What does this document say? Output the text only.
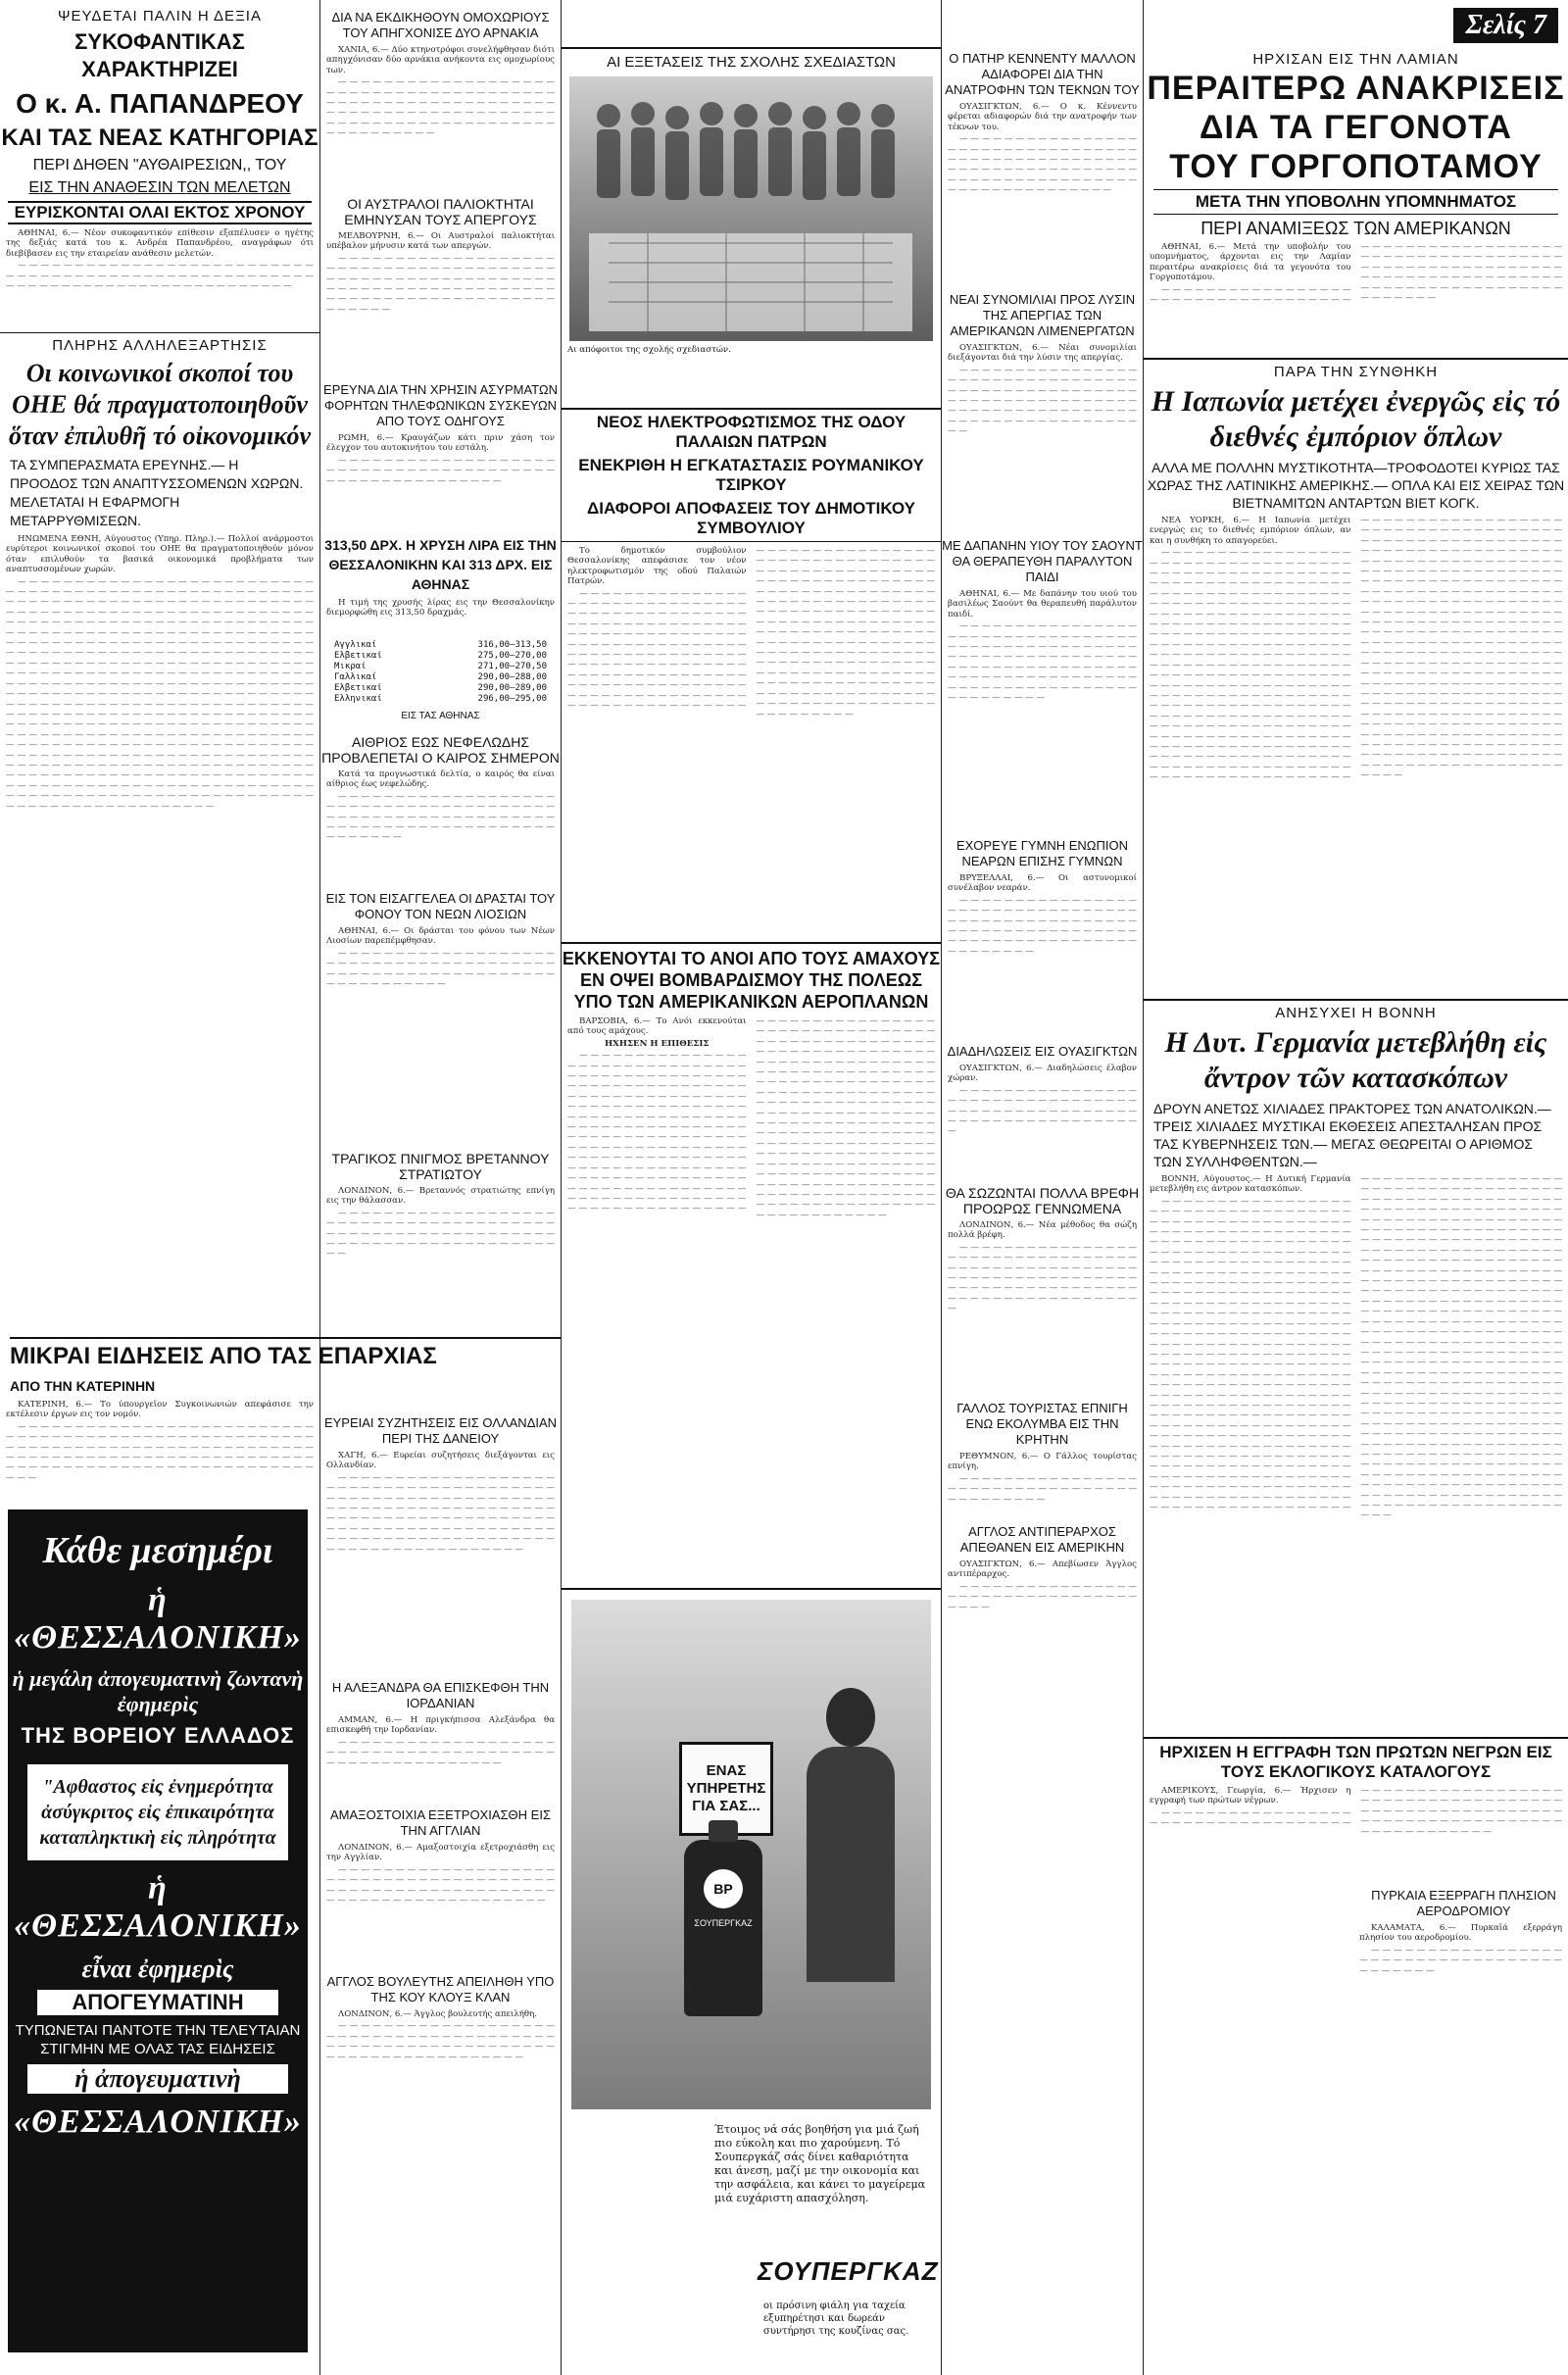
ΨΕΥΔΕΤΑΙ ΠΑΛΙΝ Η ΔΕΞΙΑ
ΣΥΚΟΦΑΝΤΙΚΑΣ ΧΑΡΑΚΤΗΡΙΖΕΙ
Ο κ. Α. ΠΑΠΑΝΔΡΕΟΥ
ΚΑΙ ΤΑΣ ΝΕΑΣ ΚΑΤΗΓΟΡΙΑΣ
ΠΕΡΙ ΔΗΘΕΝ "ΑΥΘΑΙΡΕΣΙΩΝ,, ΤΟΥ
ΕΙΣ ΤΗΝ ΑΝΑΘΕΣΙΝ ΤΩΝ ΜΕΛΕΤΩΝ
ΕΥΡΙΣΚΟΝΤΑΙ ΟΛΑΙ ΕΚΤΟΣ ΧΡΟΝΟΥ

ΑΘΗΝΑΙ, 6.— Νέον συκοφαντικόν επίθεσιν εξαπέλυσεν ο ηγέτης της δεξιάς κατά του κ. Ανδρέα Παπανδρέου, αναγράφων ότι διεβίβασεν εις την εταιρείαν ανάθεσιν μελετών.

— — — — — — — — — — — — — — — — — — — — — — — — — — — — — — — — — — — — — — — — — — — — — — — — — — — — — — — — — — — — — — — — — — — — — — — — — — — — — — —

ΠΛΗΡΗΣ ΑΛΛΗΛΕΞΑΡΤΗΣΙΣ
Οι κοινωνικοί σκοποί του ΟΗΕ θά πραγματοποιηθοῦν ὅταν ἐπιλυθῆ τό οἰκονομικόν
ΤΑ ΣΥΜΠΕΡΑΣΜΑΤΑ ΕΡΕΥΝΗΣ.— Η ΠΡΟΟΔΟΣ ΤΩΝ ΑΝΑΠΤΥΣΣΟΜΕΝΩΝ ΧΩΡΩΝ. ΜΕΛΕΤΑΤΑΙ Η ΕΦΑΡΜΟΓΗ ΜΕΤΑΡΡΥΘΜΙΣΕΩΝ.

ΗΝΩΜΕΝΑ ΕΘΝΗ, Αύγουστος (Υπηρ. Πληρ.).— Πολλοί ανάρμοστοι ευρύτεροι κοινωνικοί σκοποί του ΟΗΕ θα πραγματοποιηθούν μόνον όταν επιλυθούν τα βασικά οικονομικά προβλήματα των αναπτυσσομένων χωρών.

— — — — — — — — — — — — — — — — — — — — — — — — — — — — — — — — — — — — — — — — — — — — — — — — — — — — — — — — — — — — — — — — — — — — — — — — — — — — — — — — — — — — — — — — — — — — — — — — — — — — — — — — — — — — — — — — — — — — — — — — — — — — — — — — — — — — — — — — — — — — — — — — — — — — — — — — — — — — — — — — — — — — — — — — — — — — — — — — — — — — — — — — — — — — — — — — — — — — — — — — — — — — — — — — — — — — — — — — — — — — — — — — — — — — — — — — — — — — — — — — — — — — — — — — — — — — — — — — — — — — — — — — — — — — — — — — — — — — — — — — — — — — — — — — — — — — — — — — — — — — — — — — — — — — — — — — — — — — — — — — — — — — — — — — — — — — — — — — — — — — — — — — — — — — — — — — — — — — — — — — — — — — — — — — — — — — — — — — — — — — — — — — — — — — — — — — — — — — — — — — — — — — — — — — — — — — — — — — — — — — — — — — — — — — — — — — — — — — — — — — — — — — — — — — — — — — — — — — — — — — — — — — — — — — — — — — — — — — — — — — — — — — — — — — — — — — — — — — — — — — — — — — — — — — — — — — — — — — — — — — — — — — — — — — — — — — — — — — — — — — — — — — — — — — — — — — — — — — — — — — — — — — — — — — — — — — — — — — — — — — — — — — — — — — — — — — — — — — — — — — — — — — — — — — — — — —

ΜΙΚΡΑΙ ΕΙΔΗΣΕΙΣ ΑΠΟ ΤΑΣ ΕΠΑΡΧΙΑΣ
ΑΠΟ ΤΗΝ ΚΑΤΕΡΙΝΗΝ

ΚΑΤΕΡΙΝΗ, 6.— Το ύπουργεΐον Συγκοινωνιών απεφάσισε την εκτέλεσιν έργων εις τον νομόν.

— — — — — — — — — — — — — — — — — — — — — — — — — — — — — — — — — — — — — — — — — — — — — — — — — — — — — — — — — — — — — — — — — — — — — — — — — — — — — — — — — — — — — — — — — — — — — — — — — — — — — — — — — — — — — — — — — — — — — — — — — — — — — — — — — — — — — — — — —

Κάθε μεσημέρι
ἡ «ΘΕΣΣΑΛΟΝΙΚΗ»
ἡ μεγάλη ἀπογευματινὴ ζωντανὴ ἐφημερὶς
ΤΗΣ ΒΟΡΕΙΟΥ ΕΛΛΑΔΟΣ
"Αφθαστος εἰς ἐνημερότητα ἀσύγκριτος εἰς ἐπικαιρότητα καταπληκτικὴ εἰς πληρότητα
ἡ «ΘΕΣΣΑΛΟΝΙΚΗ»
εἶναι ἐφημερὶς
ΑΠΟΓΕΥΜΑΤΙΝΗ
ΤΥΠΩΝΕΤΑΙ ΠΑΝΤΟΤΕ ΤΗΝ ΤΕΛΕΥΤΑΙΑΝ ΣΤΙΓΜΗΝ ΜΕ ΟΛΑΣ ΤΑΣ ΕΙΔΗΣΕΙΣ
ἡ ἀπογευματινὴ
«ΘΕΣΣΑΛΟΝΙΚΗ»
ΔΙΑ ΝΑ ΕΚΔΙΚΗΘΟΥΝ ΟΜΟΧΩΡΙΟΥΣ ΤΟΥ ΑΠΗΓΧΟΝΙΣΕ ΔΥΟ ΑΡΝΑΚΙΑ

ΧΑΝΙΑ, 6.— Δύο κτηνοτρόφοι συνελήφθησαν διότι απηγχόνισαν δύο αρνάκια ανήκοντα εις ομοχωρίους των.

— — — — — — — — — — — — — — — — — — — — — — — — — — — — — — — — — — — — — — — — — — — — — — — — — — — — — — — — — — — — — — — — — — — — — — — — — — — — — — — — — — — — — — — — — — — — — — — — — — — — — — — — — — — — —

ΟΙ ΑΥΣΤΡΑΛΟΙ ΠΑΛΙΟΚΤΗΤΑΙ ΕΜΗΝΥΣΑΝ ΤΟΥΣ ΑΠΕΡΓΟΥΣ

ΜΕΛΒΟΥΡΝΗ, 6.— Οι Αυστραλοί παλιοκτήται υπέβαλον μήνυσιν κατά των απεργών.

— — — — — — — — — — — — — — — — — — — — — — — — — — — — — — — — — — — — — — — — — — — — — — — — — — — — — — — — — — — — — — — — — — — — — — — — — — — — — — — — — — — — — — — — — — — — — — — — — — — — — — — — —

ΕΡΕΥΝΑ ΔΙΑ ΤΗΝ ΧΡΗΣΙΝ ΑΣΥΡΜΑΤΩΝ ΦΟΡΗΤΩΝ ΤΗΛΕΦΩΝΙΚΩΝ ΣΥΣΚΕΥΩΝ ΑΠΟ ΤΟΥΣ ΟΔΗΓΟΥΣ

ΡΩΜΗ, 6.— Κραυγάζων κάτι πριν χάση τον έλεγχον του αυτοκινήτου του εστάλη.

— — — — — — — — — — — — — — — — — — — — — — — — — — — — — — — — — — — — — — — — — — — — — — — — — — — — — — —

313,50 ΔΡΧ. Η ΧΡΥΣΗ ΛΙΡΑ ΕΙΣ ΤΗΝ ΘΕΣΣΑΛΟΝΙΚΗΝ ΚΑΙ 313 ΔΡΧ. ΕΙΣ ΑΘΗΝΑΣ

Η τιμή της χρυσής λίρας εις την Θεσσαλονίκην διεμορφώθη εις 313,50 δραχμάς.

Αγγλικαί	316,00—313,50
Ελβετικαί	275,00—270,00
Μικραί	271,00—270,50
Γαλλικαί	290,00—288,00
Ελβετικαί	290,00—289,00
Ελληνικαί	296,00—295,00
ΕΙΣ ΤΑΣ ΑΘΗΝΑΣ
ΑΙΘΡΙΟΣ ΕΩΣ ΝΕΦΕΛΩΔΗΣ ΠΡΟΒΛΕΠΕΤΑΙ Ο ΚΑΙΡΟΣ ΣΗΜΕΡΟΝ

Κατά τα προγνωστικά δελτία, ο καιρός θα είναι αίθριος έως νεφελώδης.

— — — — — — — — — — — — — — — — — — — — — — — — — — — — — — — — — — — — — — — — — — — — — — — — — — — — — — — — — — — — — — — — — — — — — — — — — — — — — — — — — — — — — —

ΕΙΣ ΤΟΝ ΕΙΣΑΓΓΕΛΕΑ ΟΙ ΔΡΑΣΤΑΙ ΤΟΥ ΦΟΝΟΥ ΤΟΝ ΝΕΩΝ ΛΙΟΣΙΩΝ

ΑΘΗΝΑΙ, 6.— Οι δράσται του φόνου των Νέων Λιοσίων παρεπέμφθησαν.

— — — — — — — — — — — — — — — — — — — — — — — — — — — — — — — — — — — — — — — — — — — — — — — — — — — — — — — — — — — — — — — — — — — — — —

ΤΡΑΓΙΚΟΣ ΠΝΙΓΜΟΣ ΒΡΕΤΑΝΝΟΥ ΣΤΡΑΤΙΩΤΟΥ

ΛΟΝΔΙΝΟΝ, 6.— Βρεταννός στρατιώτης επνίγη εις την θάλασσαν.

— — — — — — — — — — — — — — — — — — — — — — — — — — — — — — — — — — — — — — — — — — — — — — — — — — — — — — — — — — — — — — — — — — — — — — — — — — — — — — — — —

ΕΥΡΕΙΑΙ ΣΥΖΗΤΗΣΕΙΣ ΕΙΣ ΟΛΛΑΝΔΙΑΝ ΠΕΡΙ ΤΗΣ ΔΑΝΕΙΟΥ

ΧΑΓΗ, 6.— Ευρείαι συζητήσεις διεξάγονται εις Ολλανδίαν.

— — — — — — — — — — — — — — — — — — — — — — — — — — — — — — — — — — — — — — — — — — — — — — — — — — — — — — — — — — — — — — — — — — — — — — — — — — — — — — — — — — — — — — — — — — — — — — — — — — — — — — — — — — — — — — — — — — — — — — — — — — — — — — — — — — — — — — — — — — — — — — — — — — — — — — — — — — — — —

Η ΑΛΕΞΑΝΔΡΑ ΘΑ ΕΠΙΣΚΕΦΘΗ ΤΗΝ ΙΟΡΔΑΝΙΑΝ

ΑΜΜΑΝ, 6.— Η πριγκήπισσα Αλεξάνδρα θα επισκεφθή την Ιορδανίαν.

— — — — — — — — — — — — — — — — — — — — — — — — — — — — — — — — — — — — — — — — — — — — — — — — — — — — — — —

ΑΜΑΞΟΣΤΟΙΧΙΑ ΕΞΕΤΡΟΧΙΑΣΘΗ ΕΙΣ ΤΗΝ ΑΓΓΛΙΑΝ

ΛΟΝΔΙΝΟΝ, 6.— Αμαξοστοιχία εξετροχιάσθη εις την Αγγλίαν.

— — — — — — — — — — — — — — — — — — — — — — — — — — — — — — — — — — — — — — — — — — — — — — — — — — — — — — — — — — — — — — — — — — — — — — — — — — — — — — —

ΑΓΓΛΟΣ ΒΟΥΛΕΥΤΗΣ ΑΠΕΙΛΗΘΗ ΥΠΟ ΤΗΣ ΚΟΥ ΚΛΟΥΞ ΚΛΑΝ

ΛΟΝΔΙΝΟΝ, 6.— Άγγλος βουλευτής απειλήθη.

— — — — — — — — — — — — — — — — — — — — — — — — — — — — — — — — — — — — — — — — — — — — — — — — — — — — — — — — — — — — — — — — — — — — — — — — — — — — —

ΑΙ ΕΞΕΤΑΣΕΙΣ ΤΗΣ ΣΧΟΛΗΣ ΣΧΕΔΙΑΣΤΩΝ
Αι απόφοιτοι της σχολής σχεδιαστών.
ΝΕΟΣ ΗΛΕΚΤΡΟΦΩΤΙΣΜΟΣ ΤΗΣ ΟΔΟΥ ΠΑΛΑΙΩΝ ΠΑΤΡΩΝ
ΕΝΕΚΡΙΘΗ Η ΕΓΚΑΤΑΣΤΑΣΙΣ ΡΟΥΜΑΝΙΚΟΥ ΤΣΙΡΚΟΥ
ΔΙΑΦΟΡΟΙ ΑΠΟΦΑΣΕΙΣ ΤΟΥ ΔΗΜΟΤΙΚΟΥ ΣΥΜΒΟΥΛΙΟΥ

Το δημοτικόν συμβούλιον Θεσσαλονίκης απεφάσισε τον νέον ηλεκτροφωτισμόν της οδού Παλαιών Πατρών.

— — — — — — — — — — — — — — — — — — — — — — — — — — — — — — — — — — — — — — — — — — — — — — — — — — — — — — — — — — — — — — — — — — — — — — — — — — — — — — — — — — — — — — — — — — — — — — — — — — — — — — — — — — — — — — — — — — — — — — — — — — — — — — — — — — — — — — — — — — — — — — — — — — — — — — — — — — — — — — — — — — — — — — — — — — — — — — — — — — — — — — — — — — — — — — — — — — — — — — — — — — — — — — — — — — — — — — — — — — — — — — — — — — — — — — — — — — — — — — — — — — — — — — — — — — — — — — — — — — — — — — — — — — — — — — — — — — — — — — — — — — — — — — — — — — — — — — — — — — — — — — — — — — — — — — — — — — — — — — — — — — — — — — — — — — — — — — — — — — — — — — — — — — — — — — — — — — — — — — — — — — — — — — — — — — — — — — — — — — — — — — — — — — — — — — — — — — — — — — — — — — — — — — — — — — — — — — — — — — — — — — — — — — — — — — — — — — — — — — — — — — — — — — — — — — — — — — — —

ΕΚΚΕΝΟΥΤΑΙ ΤΟ ΑΝΟΙ ΑΠΟ ΤΟΥΣ ΑΜΑΧΟΥΣ ΕΝ ΟΨΕΙ ΒΟΜΒΑΡΔΙΣΜΟΥ ΤΗΣ ΠΟΛΕΩΣ ΥΠΟ ΤΩΝ ΑΜΕΡΙΚΑΝΙΚΩΝ ΑΕΡΟΠΛΑΝΩΝ

ΒΑΡΣΟΒΙΑ, 6.— Το Ανόι εκκενούται από τους αμάχους.

ΗΧΗΣΕΝ Η ΕΠΙΘΕΣΙΣ

— — — — — — — — — — — — — — — — — — — — — — — — — — — — — — — — — — — — — — — — — — — — — — — — — — — — — — — — — — — — — — — — — — — — — — — — — — — — — — — — — — — — — — — — — — — — — — — — — — — — — — — — — — — — — — — — — — — — — — — — — — — — — — — — — — — — — — — — — — — — — — — — — — — — — — — — — — — — — — — — — — — — — — — — — — — — — — — — — — — — — — — — — — — — — — — — — — — — — — — — — — — — — — — — — — — — — — — — — — — — — — — — — — — — — — — — — — — — — — — — — — — — — — — — — — — — — — — — — — — — — — — — — — — — — — — — — — — — — — — — — — — — — — — — — — — — — — — — — — — — — — — — — — — — — — — — — — — — — — — — — — — — — — — — — — — — — — — — — — — — — — — — — — — — — — — — — — — — — — — — — — — — — — — — — — — — — — — — — — — — — — — — — — — — — — — — — — — — — — — — — — — — — — — — — — — — — — — — — — — — — — — — — — — — — — — — — — — — — — — — — — — — — — — — — — — — — — — — — — — — — — — — — — — — — — — — — — — — — — — — — — — — — — — — — — — — — — — — — — — — — — — — — — — — — — — — — — — — — — — — — — — — — — — — — — — — — — — — — — — — — — — — — — — — — — — — — — — — — — — — — — — — — — — — — — —

ΕΝΑΣ ΥΠΗΡΕΤΗΣ ΓΙΑ ΣΑΣ...
BP
ΣΟΥΠΕΡΓΚΑΖ
Έτοιμος νά σάς βοηθήση για μιά ζωή πιο εύκολη και πιο χαρούμενη. Τό Σουπεργκάζ σάς δίνει καθαριότητα και άνεση, μαζί με την οικονομία και την ασφάλεια, και κάνει το μαγείρεμα μιά ευχάριστη απασχόληση.
ΣΟΥΠΕΡΓΚΑΖ
οι πρόσινη φιάλη για ταχεία εξυπηρέτησι και δωρεάν συντήρησι της κουζίνας σας.
Ο ΠΑΤΗΡ ΚΕΝΝΕΝΤΥ ΜΑΛΛΟΝ ΑΔΙΑΦΟΡΕΙ ΔΙΑ ΤΗΝ ΑΝΑΤΡΟΦΗΝ ΤΩΝ ΤΕΚΝΩΝ ΤΟΥ

ΟΥΑΣΙΓΚΤΩΝ, 6.— Ο κ. Κέννεντυ φέρεται αδιαφορών διά την ανατροφήν των τέκνων του.

— — — — — — — — — — — — — — — — — — — — — — — — — — — — — — — — — — — — — — — — — — — — — — — — — — — — — — — — — — — — — — — — — — — — — — — — — — — — — — — — — — — — — — — — — — — — — — — — — — —

ΝΕΑΙ ΣΥΝΟΜΙΛΙΑΙ ΠΡΟΣ ΛΥΣΙΝ ΤΗΣ ΑΠΕΡΓΙΑΣ ΤΩΝ ΑΜΕΡΙΚΑΝΩΝ ΛΙΜΕΝΕΡΓΑΤΩΝ

ΟΥΑΣΙΓΚΤΩΝ, 6.— Νέαι συνομιλίαι διεξάγονται διά την λύσιν της απεργίας.

— — — — — — — — — — — — — — — — — — — — — — — — — — — — — — — — — — — — — — — — — — — — — — — — — — — — — — — — — — — — — — — — — — — — — — — — — — — — — — — — — — — — — — — — — — — — — — — — — — — — — — —

ΜΕ ΔΑΠΑΝΗΝ ΥΙΟΥ ΤΟΥ ΣΑΟΥΝΤ ΘΑ ΘΕΡΑΠΕΥΘΗ ΠΑΡΑΛΥΤΟΝ ΠΑΙΔΙ

ΑΘΗΝΑΙ, 6.— Με δαπάνην του υιού του βασιλέως Σαούντ θα θεραπευθή παράλυτον παιδί.

— — — — — — — — — — — — — — — — — — — — — — — — — — — — — — — — — — — — — — — — — — — — — — — — — — — — — — — — — — — — — — — — — — — — — — — — — — — — — — — — — — — — — — — — — — — — — — — — — — — — — — — — — — — — — — — — — — — — — — — — — — — — — — —

ΕΧΟΡΕΥΕ ΓΥΜΝΗ ΕΝΩΠΙΟΝ ΝΕΑΡΩΝ ΕΠΙΣΗΣ ΓΥΜΝΩΝ

ΒΡΥΞΕΛΛΑΙ, 6.— Οι αστυνομικοί συνέλαβον νεαράν.

— — — — — — — — — — — — — — — — — — — — — — — — — — — — — — — — — — — — — — — — — — — — — — — — — — — — — — — — — — — — — — — — — — — — — — — — — — — — — — — — — — — — — — — — — — — —

ΔΙΑΔΗΛΩΣΕΙΣ ΕΙΣ ΟΥΑΣΙΓΚΤΩΝ

ΟΥΑΣΙΓΚΤΩΝ, 6.— Διαδηλώσεις έλαβον χώραν.

— — — — — — — — — — — — — — — — — — — — — — — — — — — — — — — — — — — — — — — — — — — — — — — — — — — — — — — — — — — — — — — — — — — —

ΘΑ ΣΩΖΩΝΤΑΙ ΠΟΛΛΑ ΒΡΕΦΗ ΠΡΟΩΡΩΣ ΓΕΝΝΩΜΕΝΑ

ΛΟΝΔΙΝΟΝ, 6.— Νέα μέθοδος θα σώζη πολλά βρέφη.

— — — — — — — — — — — — — — — — — — — — — — — — — — — — — — — — — — — — — — — — — — — — — — — — — — — — — — — — — — — — — — — — — — — — — — — — — — — — — — — — — — — — — — — — — — — — — — — — — — — — — —

ΓΑΛΛΟΣ ΤΟΥΡΙΣΤΑΣ ΕΠΝΙΓΗ ΕΝΩ ΕΚΟΛΥΜΒΑ ΕΙΣ ΤΗΝ ΚΡΗΤΗΝ

ΡΕΘΥΜΝΟΝ, 6.— Ο Γάλλος τουρίστας επνίγη.

— — — — — — — — — — — — — — — — — — — — — — — — — — — — — — — — — — — — — — — — — —

ΑΓΓΛΟΣ ΑΝΤΙΠΕΡΑΡΧΟΣ ΑΠΕΘΑΝΕΝ ΕΙΣ ΑΜΕΡΙΚΗΝ

ΟΥΑΣΙΓΚΤΩΝ, 6.— Απεβίωσεν Άγγλος αντιπέραρχος.

— — — — — — — — — — — — — — — — — — — — — — — — — — — — — — — — — — — — —

Σελίς 7
ΗΡΧΙΣΑΝ ΕΙΣ ΤΗΝ ΛΑΜΙΑΝ
ΠΕΡΑΙΤΕΡΩ ΑΝΑΚΡΙΣΕΙΣ
ΔΙΑ ΤΑ ΓΕΓΟΝΟΤΑ
ΤΟΥ ΓΟΡΓΟΠΟΤΑΜΟΥ
ΜΕΤΑ ΤΗΝ ΥΠΟΒΟΛΗΝ ΥΠΟΜΝΗΜΑΤΟΣ
ΠΕΡΙ ΑΝΑΜΙΞΕΩΣ ΤΩΝ ΑΜΕΡΙΚΑΝΩΝ

ΑΘΗΝΑΙ, 6.— Μετά την υποβολήν του υπομνήματος, άρχονται εις την Λαμίαν περαιτέρω ανακρίσεις διά τα γεγονότα του Γοργοποτάμου.

— — — — — — — — — — — — — — — — — — — — — — — — — — — — — — — — — — — — — — — — — — — — — — — — — — — — — — — — — — — — — — — — — — — — — — — — — — — — — — — — — — — — — — — — — — — — — — — — — — — — — — — — — — — — — — — — — — — — — — — — — — — — — — — — — — — —

ΠΑΡΑ ΤΗΝ ΣΥΝΘΗΚΗ
Η Ιαπωνία μετέχει ἐνεργῶς εἰς τό διεθνές ἐμπόριον ὅπλων
ΑΛΛΑ ΜΕ ΠΟΛΛΗΝ ΜΥΣΤΙΚΟΤΗΤΑ—ΤΡΟΦΟΔΟΤΕΙ ΚΥΡΙΩΣ ΤΑΣ ΧΩΡΑΣ ΤΗΣ ΛΑΤΙΝΙΚΗΣ ΑΜΕΡΙΚΗΣ.— ΟΠΛΑ ΚΑΙ ΕΙΣ ΧΕΙΡΑΣ ΤΩΝ ΒΙΕΤΝΑΜΙΤΩΝ ΑΝΤΑΡΤΩΝ ΒΙΕΤ ΚΟΓΚ.

ΝΕΑ ΥΟΡΚΗ, 6.— Η Ιαπωνία μετέχει ενεργώς εις το διεθνές εμπόριον όπλων, αν και η συνθήκη το απαγορεύει.

— — — — — — — — — — — — — — — — — — — — — — — — — — — — — — — — — — — — — — — — — — — — — — — — — — — — — — — — — — — — — — — — — — — — — — — — — — — — — — — — — — — — — — — — — — — — — — — — — — — — — — — — — — — — — — — — — — — — — — — — — — — — — — — — — — — — — — — — — — — — — — — — — — — — — — — — — — — — — — — — — — — — — — — — — — — — — — — — — — — — — — — — — — — — — — — — — — — — — — — — — — — — — — — — — — — — — — — — — — — — — — — — — — — — — — — — — — — — — — — — — — — — — — — — — — — — — — — — — — — — — — — — — — — — — — — — — — — — — — — — — — — — — — — — — — — — — — — — — — — — — — — — — — — — — — — — — — — — — — — — — — — — — — — — — — — — — — — — — — — — — — — — — — — — — — — — — — — — — — — — — — — — — — — — — — — — — — — — — — — — — — — — — — — — — — — — — — — — — — — — — — — — — — — — — — — — — — — — — — — — — — — — — — — — — — — — — — — — — — — — — — — — — — — — — — — — — — — — — — — — — — — — — — — — — — — — — — — — — — — — — — — — — — — — — — — — — — — — — — — — — — — — — — — — — — — — — — — — — — — — — — — — — — — — — — — — — — — — — — — — — — — — — — — — — — — — — — — — — — — — — — — — — — — — — — — — — — — — — — — — — — — — — — — — — — — — — — — — — — — — — — — — — — — — — — — — — — — — — — — — — — — — — — — — — — — — — — — — — — — — — — — — — — — — — — — — — — — — — — — — — — — — — — — — — — — — — — — — — — — — — — — — — — — — — — — — — — — — — — — — — — — — — — — — — — — — — — — — — — — — — — — — — — — — — — — — — — — — — — — — — — — — — — — — — — — — — — — — — — — — — — — — — — — — — — — — — — — — — — — — — — — — — — — — — — — — — — — — — — — — — — — — — — — — — — — — — — — — — — — — — — — — — — — — — — — — — — — — — — — — — — — — — — — — — — — — — — — — — — — — — — — — — — —

ΑΝΗΣΥΧΕΙ Η ΒΟΝΝΗ
Η Δυτ. Γερμανία μετεβλήθη εἰς ἄντρον τῶν κατασκόπων
ΔΡΟΥΝ ΑΝΕΤΩΣ ΧΙΛΙΑΔΕΣ ΠΡΑΚΤΟΡΕΣ ΤΩΝ ΑΝΑΤΟΛΙΚΩΝ.— ΤΡΕΙΣ ΧΙΛΙΑΔΕΣ ΜΥΣΤΙΚΑΙ ΕΚΘΕΣΕΙΣ ΑΠΕΣΤΑΛΗΣΑΝ ΠΡΟΣ ΤΑΣ ΚΥΒΕΡΝΗΣΕΙΣ ΤΩΝ.— ΜΕΓΑΣ ΘΕΩΡΕΙΤΑΙ Ο ΑΡΙΘΜΟΣ ΤΩΝ ΣΥΛΛΗΦΘΕΝΤΩΝ.—

ΒΟΝΝΗ, Αύγουστος.— Η Δυτική Γερμανία μετεβλήθη εις άντρον κατασκόπων.

— — — — — — — — — — — — — — — — — — — — — — — — — — — — — — — — — — — — — — — — — — — — — — — — — — — — — — — — — — — — — — — — — — — — — — — — — — — — — — — — — — — — — — — — — — — — — — — — — — — — — — — — — — — — — — — — — — — — — — — — — — — — — — — — — — — — — — — — — — — — — — — — — — — — — — — — — — — — — — — — — — — — — — — — — — — — — — — — — — — — — — — — — — — — — — — — — — — — — — — — — — — — — — — — — — — — — — — — — — — — — — — — — — — — — — — — — — — — — — — — — — — — — — — — — — — — — — — — — — — — — — — — — — — — — — — — — — — — — — — — — — — — — — — — — — — — — — — — — — — — — — — — — — — — — — — — — — — — — — — — — — — — — — — — — — — — — — — — — — — — — — — — — — — — — — — — — — — — — — — — — — — — — — — — — — — — — — — — — — — — — — — — — — — — — — — — — — — — — — — — — — — — — — — — — — — — — — — — — — — — — — — — — — — — — — — — — — — — — — — — — — — — — — — — — — — — — — — — — — — — — — — — — — — — — — — — — — — — — — — — — — — — — — — — — — — — — — — — — — — — — — — — — — — — — — — — — — — — — — — — — — — — — — — — — — — — — — — — — — — — — — — — — — — — — — — — — — — — — — — — — — — — — — — — — — — — — — — — — — — — — — — — — — — — — — — — — — — — — — — — — — — — — — — — — — — — — — — — — — — — — — — — — — — — — — — — — — — — — — — — — — — — — — — — — — — — — — — — — — — — — — — — — — — — — — — — — — — — — — — — — — — — — — — — — — — — — — — — — — — — — — — — — — — — — — — — — — — — — — — — — — — — — — — — — — — — — — — — — — — — — — — — — — — — — — — — — — — — — — — — — — — — — — — — — — — — — — — — — — — — — — — — — — — — — — — — — — — — — — — — — — — — — — — — — — — — — — — — — — — — — — — — — — — — — — — — — — — — — — — — — — — — — — — — — — — — — — — — — — — — — — — — — — — — — — — — — — — — — — — — — — — — — — — — — — — — — — — — — — — — — — — — — — — — — — — — — — — — — — — — — — — — — — — — — — — — — — — — — — — — — — — — — — — — — — — — — — — — — — — — — — — — — — — — — — — — — — — — — — — — — — — — — — — — — — — — — — — — — — — — — — — — — — — — — — — — — — — — — — — — — — — — — — — — — — — — — — — — — — — — — — — — — — — — — — — — — — — — — — — — — — — — — — — — — — — — — — — — — — — — — — — — — — — — — — — — — — — — — — — — — — — — — — — — — — — — — — — — — — — — — — — — — — — — — — — — — — — — — — — — — — — — — — — — — — — — — —

ΗΡΧΙΣΕΝ Η ΕΓΓΡΑΦΗ ΤΩΝ ΠΡΩΤΩΝ ΝΕΓΡΩΝ ΕΙΣ ΤΟΥΣ ΕΚΛΟΓΙΚΟΥΣ ΚΑΤΑΛΟΓΟΥΣ

ΑΜΕΡΙΚΟΥΣ, Γεωργία, 6.— Ήρχισεν η εγγραφή των πρώτων νέγρων.

— — — — — — — — — — — — — — — — — — — — — — — — — — — — — — — — — — — — — — — — — — — — — — — — — — — — — — — — — — — — — — — — — — — — — — — — — — — — — — — — — — — — — — — — — — — — — — — — — — — — — — — — — — — — — — — — — — — — — — —

ΠΥΡΚΑΙΑ ΕΞΕΡΡΑΓΗ ΠΛΗΣΙΟΝ ΑΕΡΟΔΡΟΜΙΟΥ

ΚΑΛΑΜΑΤΑ, 6.— Πυρκαϊά εξερράγη πλησίον του αεροδρομίου.

— — — — — — — — — — — — — — — — — — — — — — — — — — — — — — — — — — — — — — — — — —
